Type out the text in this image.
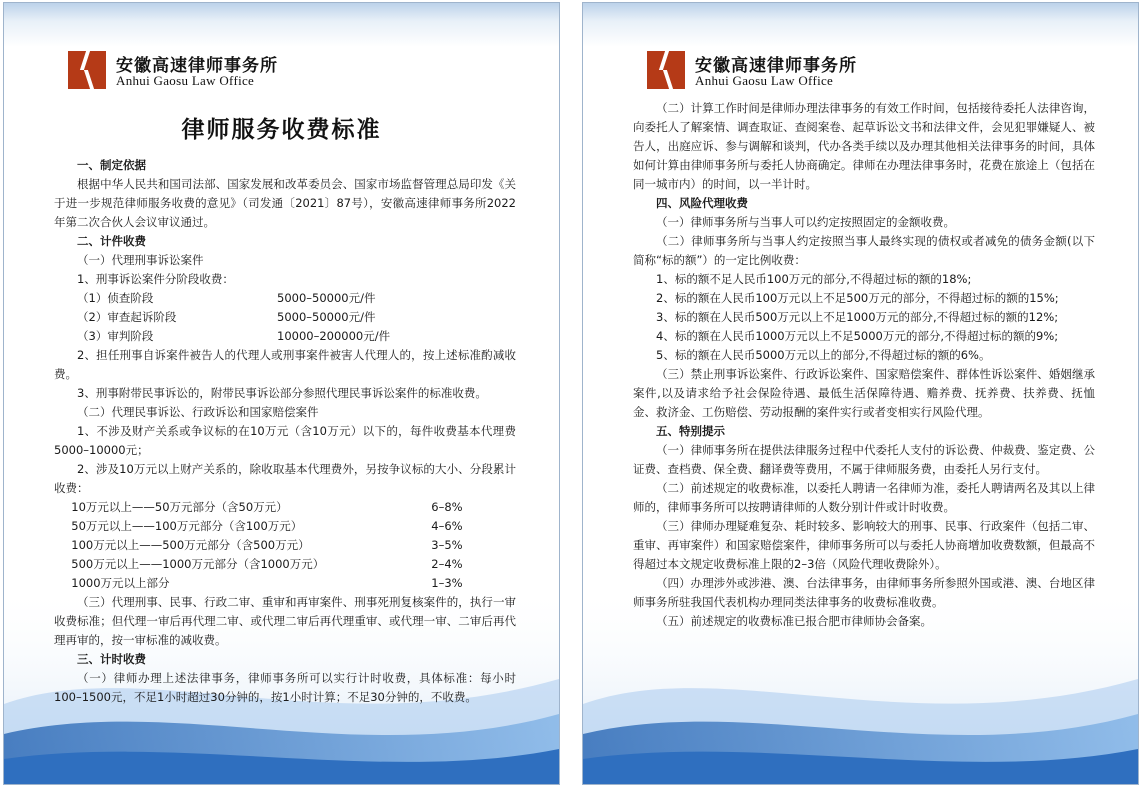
安徽高速律师事务所
Anhui Gaosu Law Office
律师服务收费标准

一、制定依据

根据中华人民共和国司法部、国家发展和改革委员会、国家市场监督管理总局印发《关于进一步规范律师服务收费的意见》（司发通〔2021〕87号），安徽高速律师事务所2022年第二次合伙人会议审议通过。

二、计件收费

（一）代理刑事诉讼案件

1、刑事诉讼案件分阶段收费：

（1）侦查阶段	5000–50000元/件
（2）审查起诉阶段	5000–50000元/件
（3）审判阶段	10000–200000元/件

2、担任刑事自诉案件被告人的代理人或刑事案件被害人代理人的，按上述标准酌减收费。

3、刑事附带民事诉讼的，附带民事诉讼部分参照代理民事诉讼案件的标准收费。

（二）代理民事诉讼、行政诉讼和国家赔偿案件

1、不涉及财产关系或争议标的在10万元（含10万元）以下的，每件收费基本代理费5000–10000元；

2、涉及10万元以上财产关系的，除收取基本代理费外，另按争议标的大小、分段累计收费：

10万元以上——50万元部分（含50万元）	6–8%
50万元以上——100万元部分（含100万元）	4–6%
100万元以上——500万元部分（含500万元）	3–5%
500万元以上——1000万元部分（含1000万元）	2–4%
1000万元以上部分	1–3%

（三）代理刑事、民事、行政二审、重审和再审案件、刑事死刑复核案件的，执行一审收费标准；但代理一审后再代理二审、或代理二审后再代理重审、或代理一审、二审后再代理再审的，按一审标准的减收费。

三、计时收费

（一）律师办理上述法律事务，律师事务所可以实行计时收费，具体标准：每小时100–1500元，不足1小时超过30分钟的，按1小时计算；不足30分钟的，不收费。

安徽高速律师事务所
Anhui Gaosu Law Office

（二）计算工作时间是律师办理法律事务的有效工作时间，包括接待委托人法律咨询，向委托人了解案情、调查取证、查阅案卷、起草诉讼文书和法律文件，会见犯罪嫌疑人、被告人，出庭应诉、参与调解和谈判，代办各类手续以及办理其他相关法律事务的时间，具体如何计算由律师事务所与委托人协商确定。律师在办理法律事务时，花费在旅途上（包括在同一城市内）的时间，以一半计时。

四、风险代理收费

（一）律师事务所与当事人可以约定按照固定的金额收费。

（二）律师事务所与当事人约定按照当事人最终实现的债权或者减免的债务金额(以下简称“标的额”）的一定比例收费：

1、标的额不足人民币100万元的部分,不得超过标的额的18%;

2、标的额在人民币100万元以上不足500万元的部分，不得超过标的额的15%;

3、标的额在人民币500万元以上不足1000万元的部分,不得超过标的额的12%;

4、标的额在人民币1000万元以上不足5000万元的部分,不得超过标的额的9%;

5、标的额在人民币5000万元以上的部分,不得超过标的额的6%。

（三）禁止刑事诉讼案件、行政诉讼案件、国家赔偿案件、群体性诉讼案件、婚姻继承案件,以及请求给予社会保险待遇、最低生活保障待遇、赡养费、抚养费、扶养费、抚恤金、救济金、工伤赔偿、劳动报酬的案件实行或者变相实行风险代理。

五、特别提示

（一）律师事务所在提供法律服务过程中代委托人支付的诉讼费、仲裁费、鉴定费、公证费、查档费、保全费、翻译费等费用，不属于律师服务费，由委托人另行支付。

（二）前述规定的收费标准，以委托人聘请一名律师为准，委托人聘请两名及其以上律师的，律师事务所可以按聘请律师的人数分别计件或计时收费。

（三）律师办理疑难复杂、耗时较多、影响较大的刑事、民事、行政案件（包括二审、重审、再审案件）和国家赔偿案件，律师事务所可以与委托人协商增加收费数额，但最高不得超过本文规定收费标准上限的2–3倍（风险代理收费除外）。

（四）办理涉外或涉港、澳、台法律事务，由律师事务所参照外国或港、澳、台地区律师事务所驻我国代表机构办理同类法律事务的收费标准收费。

（五）前述规定的收费标准已报合肥市律师协会备案。
